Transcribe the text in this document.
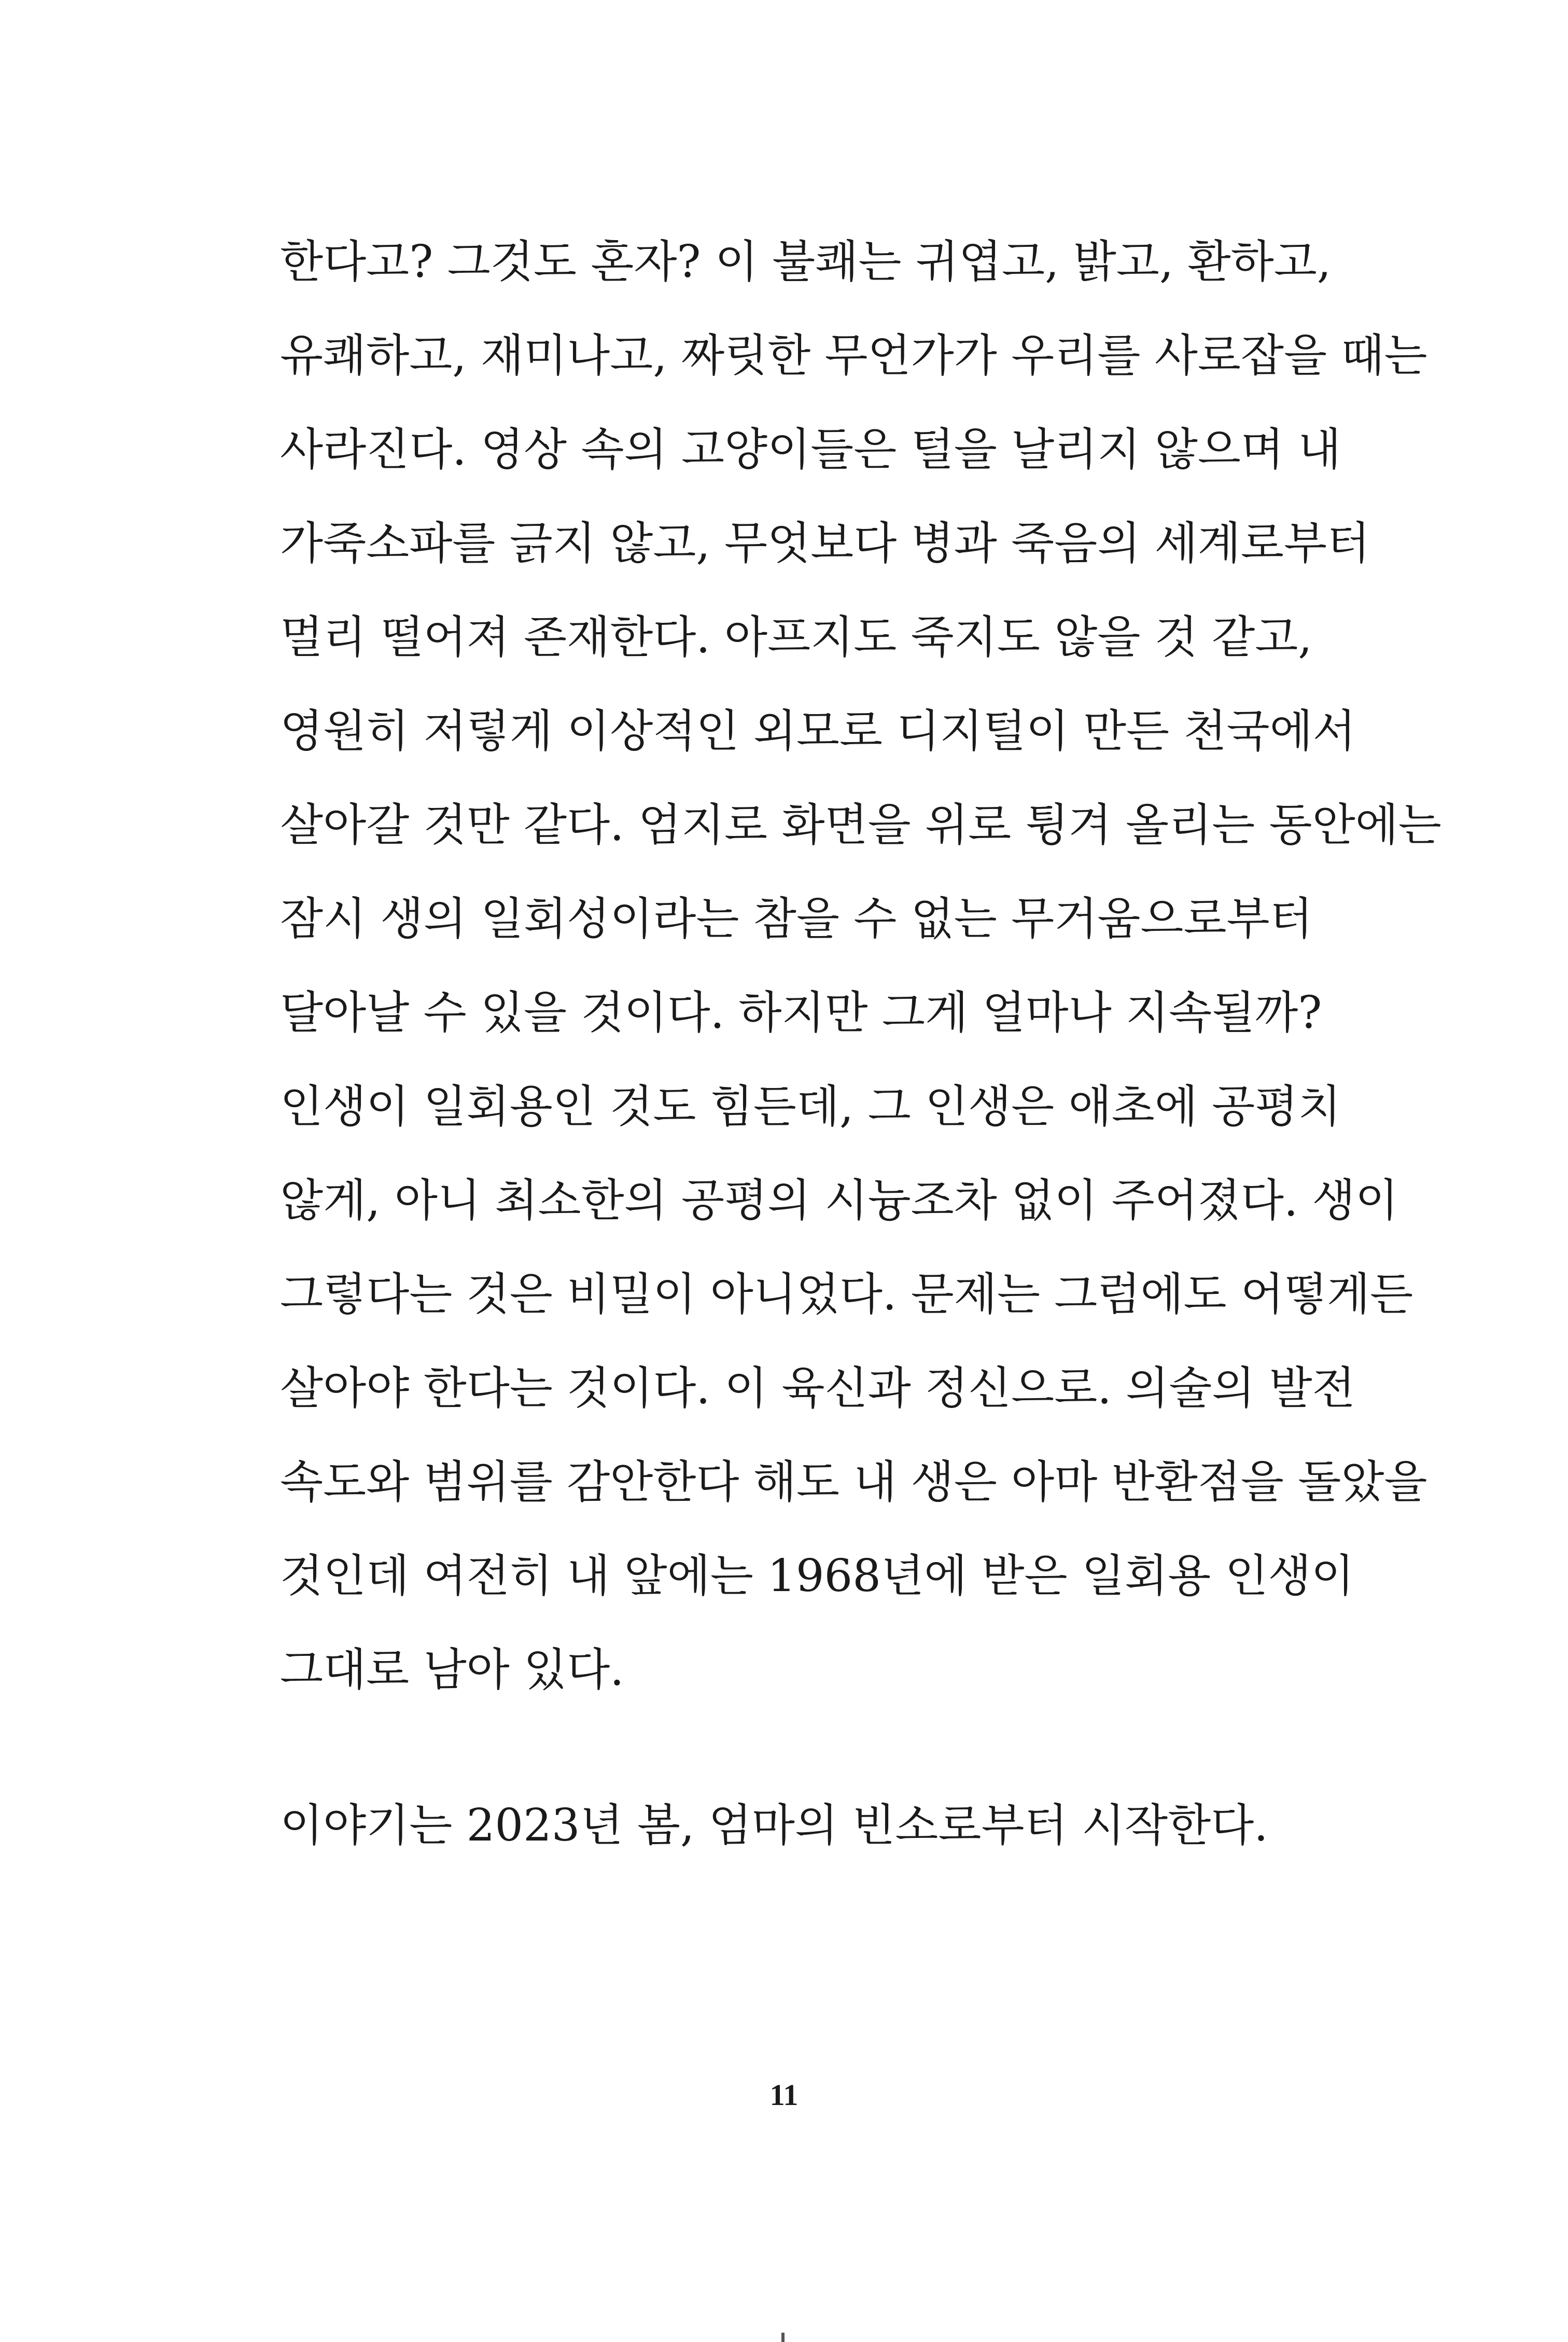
한다고? 그것도 혼자? 이 불쾌는 귀엽고, 밝고, 환하고,
유쾌하고, 재미나고, 짜릿한 무언가가 우리를 사로잡을 때는
사라진다. 영상 속의 고양이들은 털을 날리지 않으며 내
가죽소파를 긁지 않고, 무엇보다 병과 죽음의 세계로부터
멀리 떨어져 존재한다. 아프지도 죽지도 않을 것 같고,
영원히 저렇게 이상적인 외모로 디지털이 만든 천국에서
살아갈 것만 같다. 엄지로 화면을 위로 튕겨 올리는 동안에는
잠시 생의 일회성이라는 참을 수 없는 무거움으로부터
달아날 수 있을 것이다. 하지만 그게 얼마나 지속될까?
인생이 일회용인 것도 힘든데, 그 인생은 애초에 공평치
않게, 아니 최소한의 공평의 시늉조차 없이 주어졌다. 생이
그렇다는 것은 비밀이 아니었다. 문제는 그럼에도 어떻게든
살아야 한다는 것이다. 이 육신과 정신으로. 의술의 발전
속도와 범위를 감안한다 해도 내 생은 아마 반환점을 돌았을
것인데 여전히 내 앞에는 1968년에 받은 일회용 인생이
그대로 남아 있다.
이야기는 2023년 봄, 엄마의 빈소로부터 시작한다.
11
